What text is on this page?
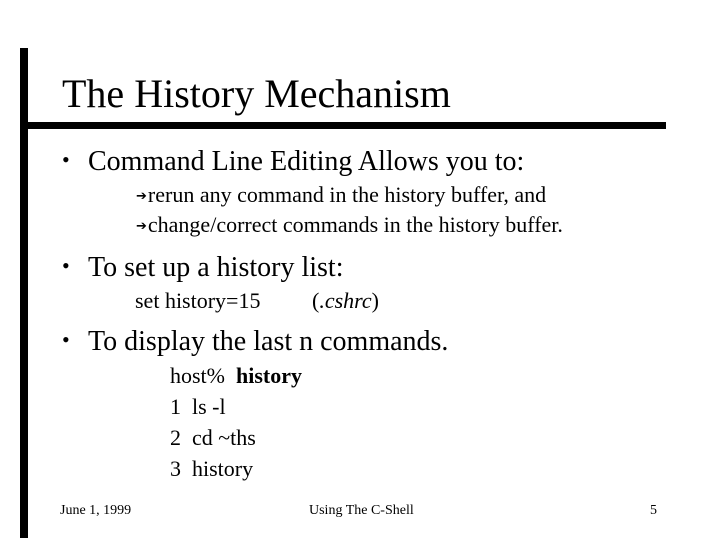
The History Mechanism
• Command Line Editing Allows you to:
➔rerun any command in the history buffer, and
➔change/correct commands in the history buffer.
• To set up a history list:
set history=15 (.cshrc)
• To display the last n commands.
host% history
1  ls -l
2  cd ~ths
3  history
June 1, 1999	Using The C-Shell	5
